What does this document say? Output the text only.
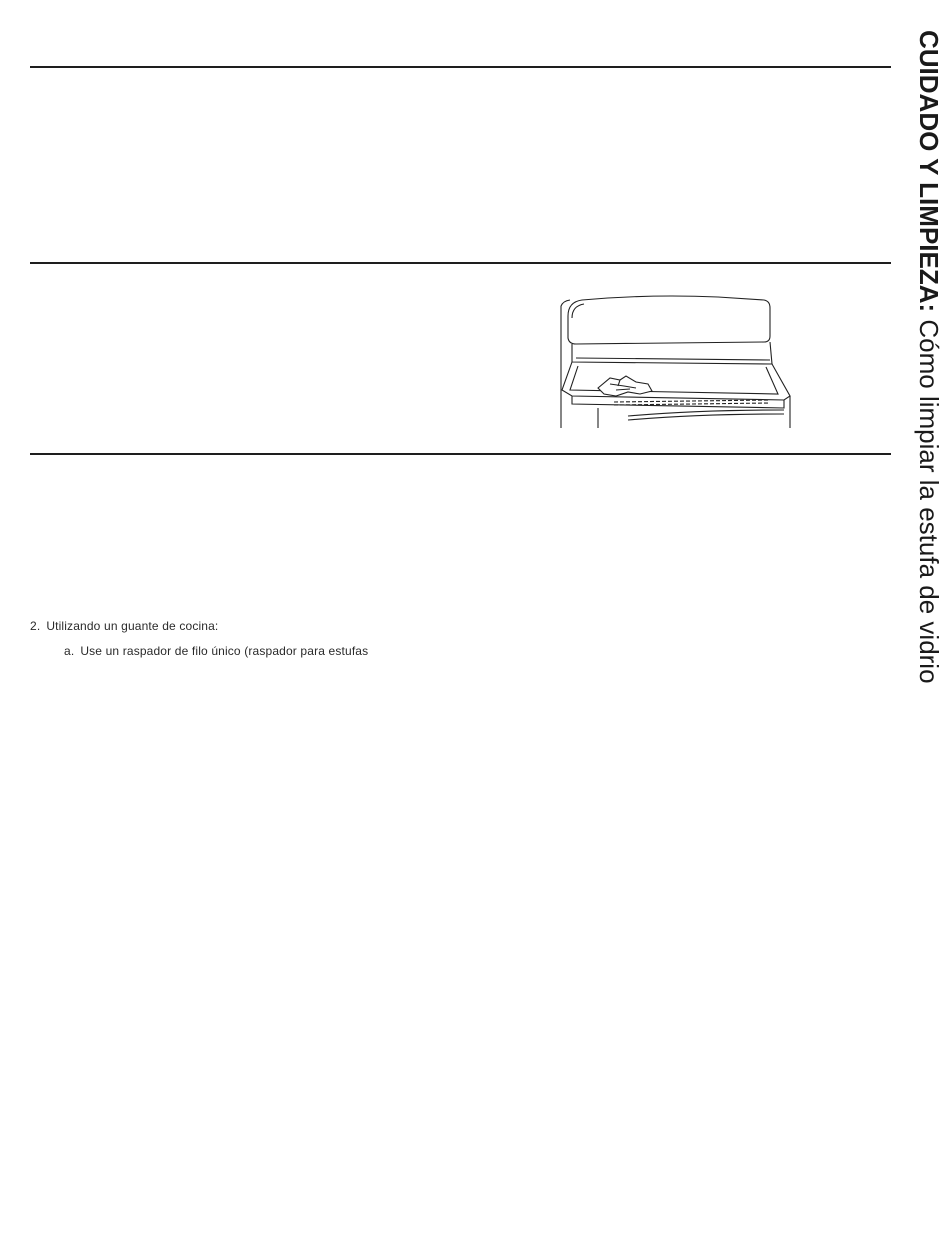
2. Utilizando un guante de cocina:
a. Use un raspador de filo único (raspador para estufas
CUIDADO Y LIMPIEZA: Cómo limpiar la estufa de vidrio
